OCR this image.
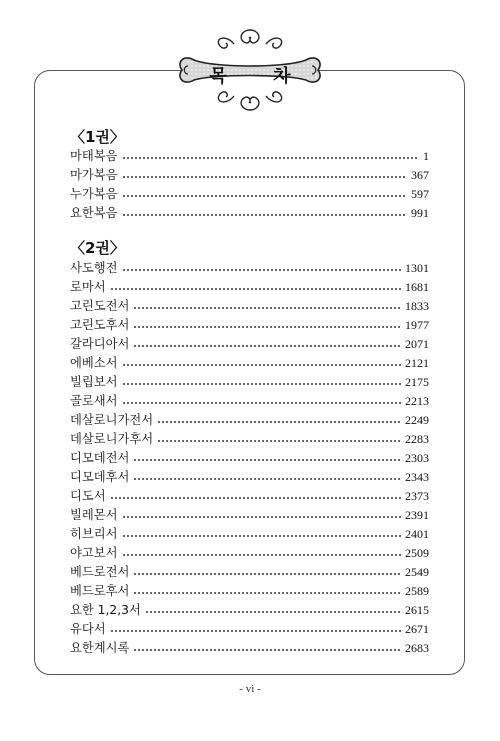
목 차
〈1권〉
마태복음	1
마가복음	367
누가복음	597
요한복음	991
〈2권〉
사도행전	1301
로마서	1681
고린도전서	1833
고린도후서	1977
갈라디아서	2071
에베소서	2121
빌립보서	2175
골로새서	2213
데살로니가전서	2249
데살로니가후서	2283
디모데전서	2303
디모데후서	2343
디도서	2373
빌레몬서	2391
히브리서	2401
야고보서	2509
베드로전서	2549
베드로후서	2589
요한 1,2,3서	2615
유다서	2671
요한계시록	2683
- vi -
